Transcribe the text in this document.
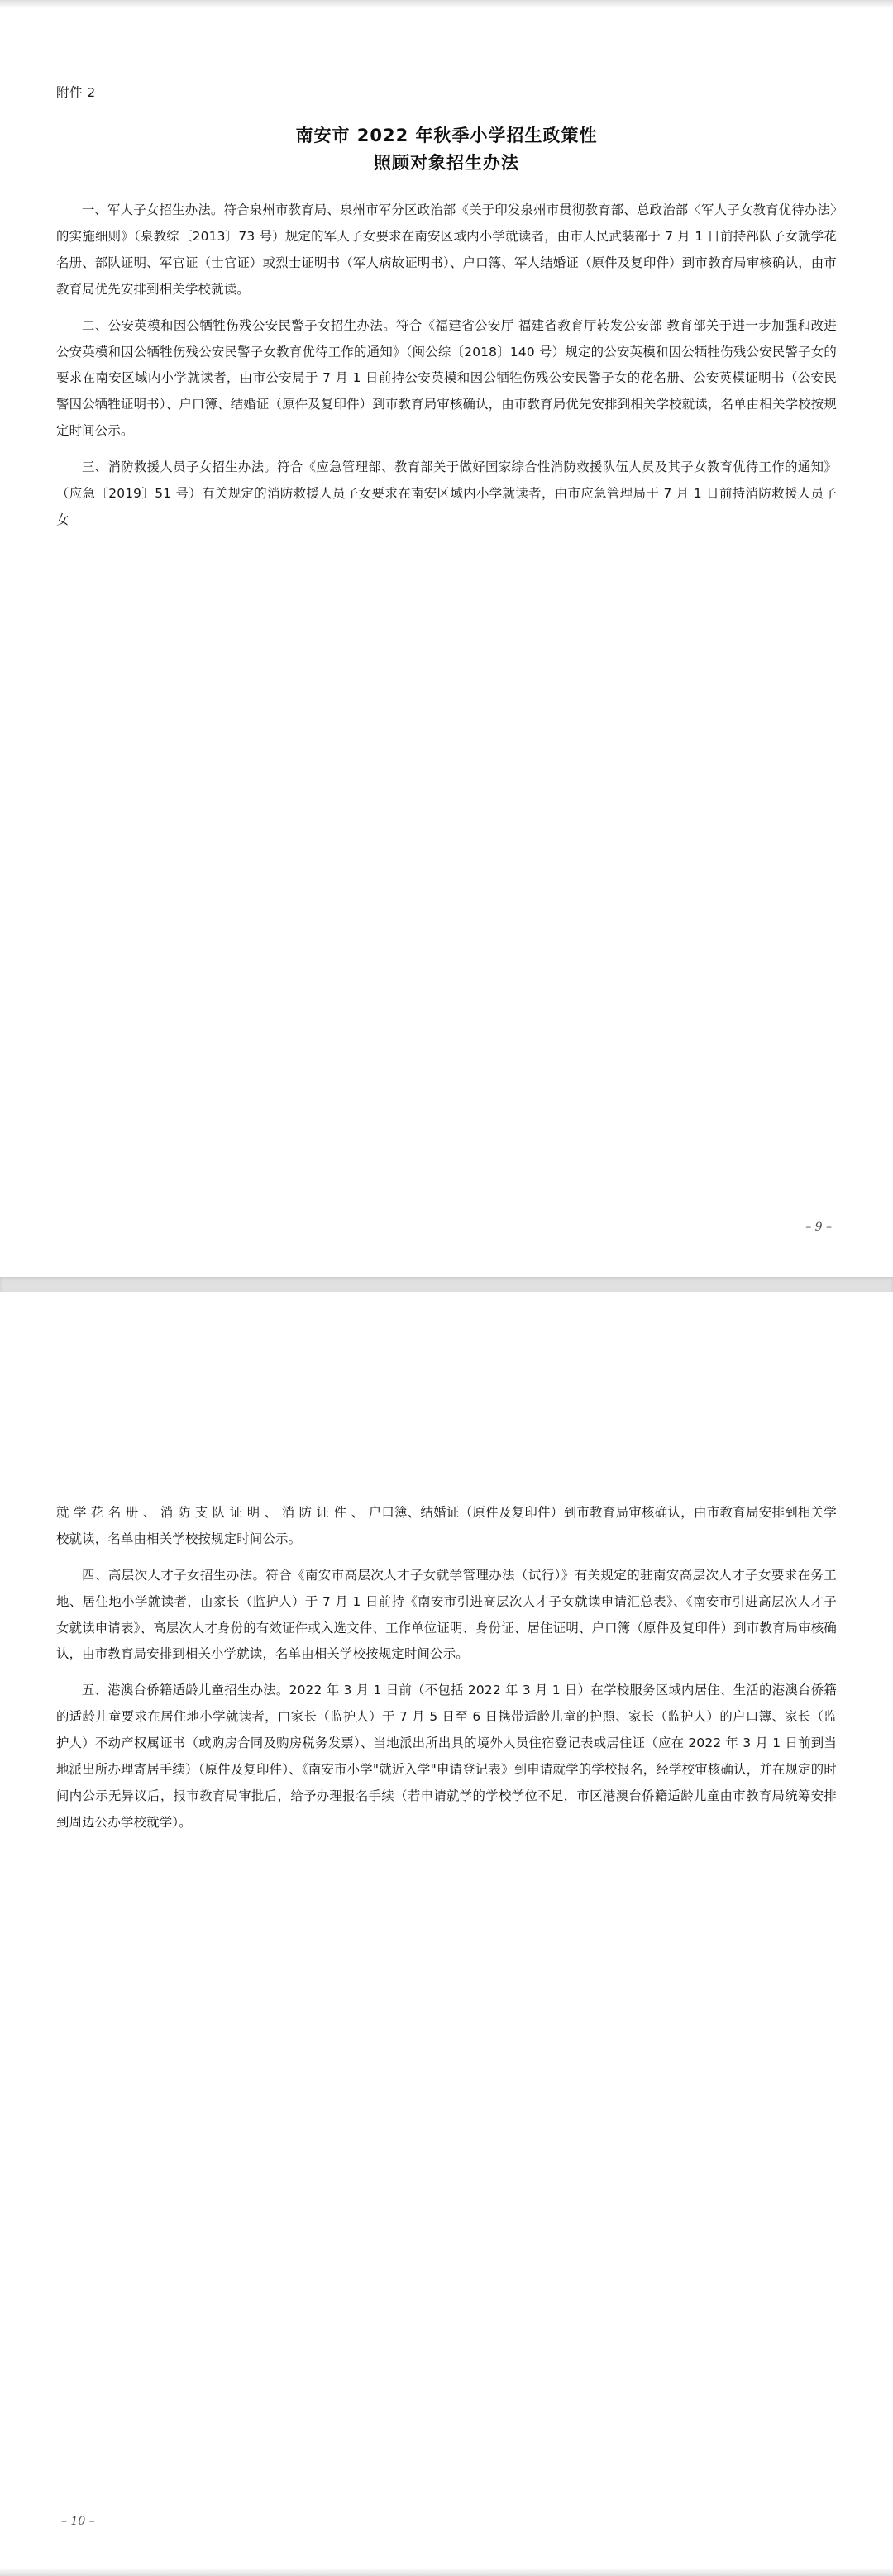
附件 2
南安市 2022 年秋季小学招生政策性
照顾对象招生办法

一、军人子女招生办法。符合泉州市教育局、泉州市军分区政治部《关于印发泉州市贯彻教育部、总政治部〈军人子女教育优待办法〉的实施细则》（泉教综〔2013〕73 号）规定的军人子女要求在南安区域内小学就读者，由市人民武装部于 7 月 1 日前持部队子女就学花名册、部队证明、军官证（士官证）或烈士证明书（军人病故证明书）、户口簿、军人结婚证（原件及复印件）到市教育局审核确认，由市教育局优先安排到相关学校就读。

二、公安英模和因公牺牲伤残公安民警子女招生办法。符合《福建省公安厅 福建省教育厅转发公安部 教育部关于进一步加强和改进公安英模和因公牺牲伤残公安民警子女教育优待工作的通知》（闽公综〔2018〕140 号）规定的公安英模和因公牺牲伤残公安民警子女的要求在南安区域内小学就读者，由市公安局于 7 月 1 日前持公安英模和因公牺牲伤残公安民警子女的花名册、公安英模证明书（公安民警因公牺牲证明书）、户口簿、结婚证（原件及复印件）到市教育局审核确认，由市教育局优先安排到相关学校就读，名单由相关学校按规定时间公示。

三、消防救援人员子女招生办法。符合《应急管理部、教育部关于做好国家综合性消防救援队伍人员及其子女教育优待工作的通知》（应急〔2019〕51 号）有关规定的消防救援人员子女要求在南安区域内小学就读者，由市应急管理局于 7 月 1 日前持消防救援人员子女

– 9 –

就 学 花 名 册 、 消 防 支 队 证 明 、 消 防 证 件 、 户口簿、结婚证（原件及复印件）到市教育局审核确认，由市教育局安排到相关学校就读，名单由相关学校按规定时间公示。

四、高层次人才子女招生办法。符合《南安市高层次人才子女就学管理办法（试行）》有关规定的驻南安高层次人才子女要求在务工地、居住地小学就读者，由家长（监护人）于 7 月 1 日前持《南安市引进高层次人才子女就读申请汇总表》、《南安市引进高层次人才子女就读申请表》、高层次人才身份的有效证件或入选文件、工作单位证明、身份证、居住证明、户口簿（原件及复印件）到市教育局审核确认，由市教育局安排到相关小学就读，名单由相关学校按规定时间公示。

五、港澳台侨籍适龄儿童招生办法。2022 年 3 月 1 日前（不包括 2022 年 3 月 1 日）在学校服务区域内居住、生活的港澳台侨籍的适龄儿童要求在居住地小学就读者，由家长（监护人）于 7 月 5 日至 6 日携带适龄儿童的护照、家长（监护人）的户口簿、家长（监护人）不动产权属证书（或购房合同及购房税务发票）、当地派出所出具的境外人员住宿登记表或居住证（应在 2022 年 3 月 1 日前到当地派出所办理寄居手续）（原件及复印件）、《南安市小学"就近入学"申请登记表》到申请就学的学校报名，经学校审核确认，并在规定的时间内公示无异议后，报市教育局审批后，给予办理报名手续（若申请就学的学校学位不足，市区港澳台侨籍适龄儿童由市教育局统筹安排到周边公办学校就学）。

– 10 –
